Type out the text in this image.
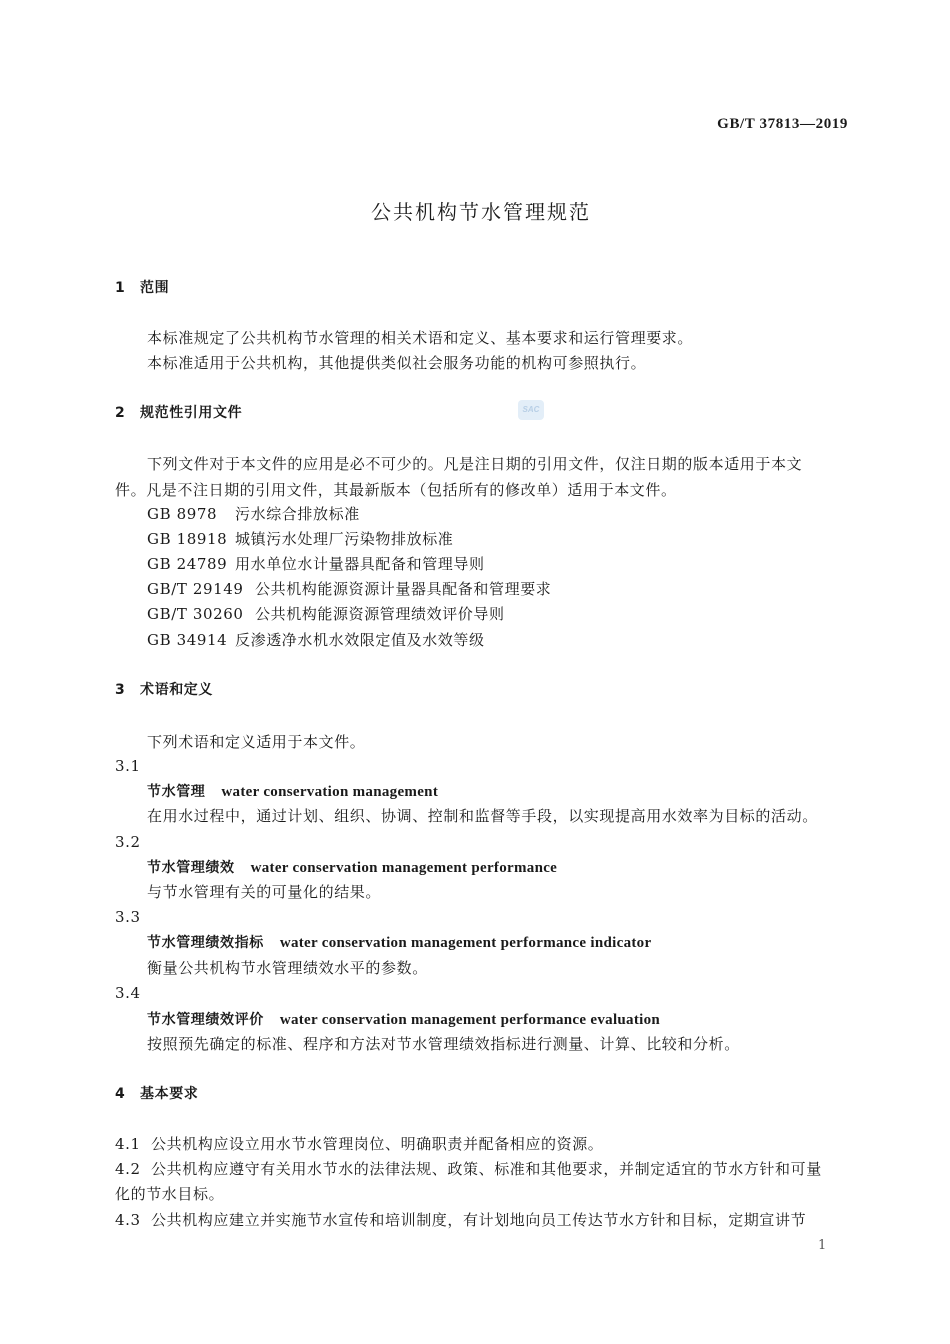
GB/T 37813—2019
公共机构节水管理规范
SAC
1 范围
本标准规定了公共机构节水管理的相关术语和定义、基本要求和运行管理要求。
本标准适用于公共机构，其他提供类似社会服务功能的机构可参照执行。
2 规范性引用文件
下列文件对于本文件的应用是必不可少的。凡是注日期的引用文件，仅注日期的版本适用于本文
件。凡是不注日期的引用文件，其最新版本（包括所有的修改单）适用于本文件。
GB 8978 污水综合排放标准
GB 18918 城镇污水处理厂污染物排放标准
GB 24789 用水单位水计量器具配备和管理导则
GB/T 29149 公共机构能源资源计量器具配备和管理要求
GB/T 30260 公共机构能源资源管理绩效评价导则
GB 34914 反渗透净水机水效限定值及水效等级
3 术语和定义
下列术语和定义适用于本文件。
3.1
节水管理 water conservation management
在用水过程中，通过计划、组织、协调、控制和监督等手段，以实现提高用水效率为目标的活动。
3.2
节水管理绩效 water conservation management performance
与节水管理有关的可量化的结果。
3.3
节水管理绩效指标 water conservation management performance indicator
衡量公共机构节水管理绩效水平的参数。
3.4
节水管理绩效评价 water conservation management performance evaluation
按照预先确定的标准、程序和方法对节水管理绩效指标进行测量、计算、比较和分析。
4 基本要求
4.1 公共机构应设立用水节水管理岗位、明确职责并配备相应的资源。
4.2 公共机构应遵守有关用水节水的法律法规、政策、标准和其他要求，并制定适宜的节水方针和可量
化的节水目标。
4.3 公共机构应建立并实施节水宣传和培训制度，有计划地向员工传达节水方针和目标，定期宣讲节
1
